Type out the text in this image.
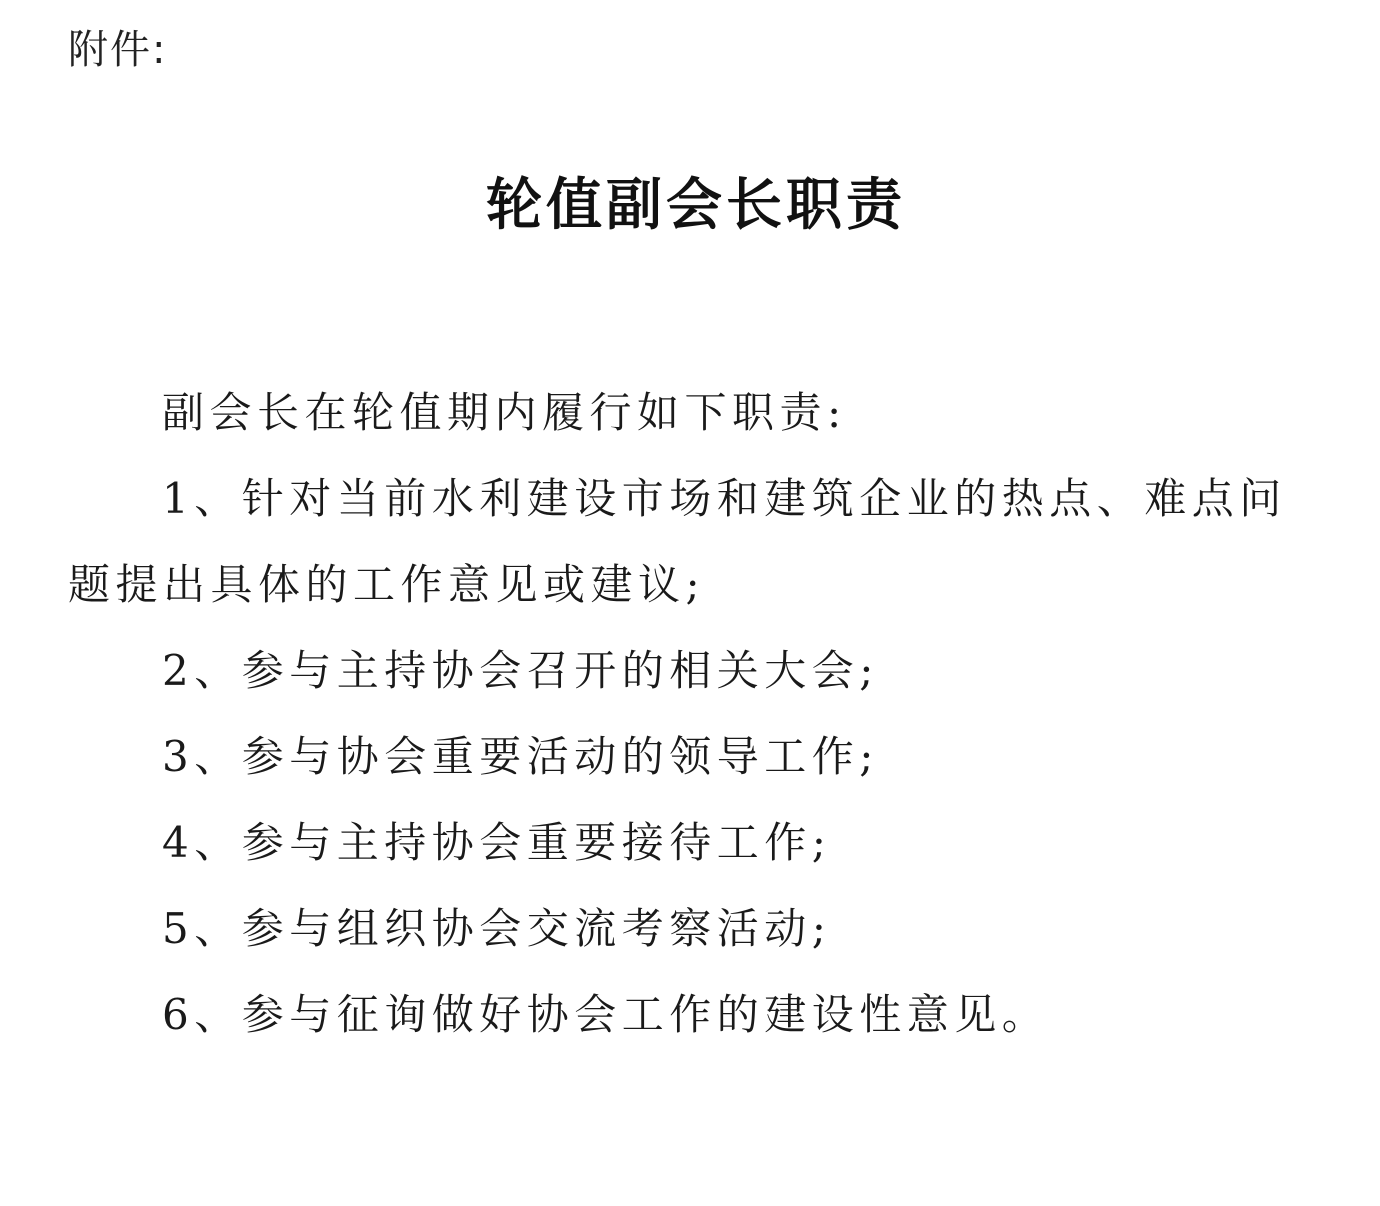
附件:
轮值副会长职责

副会长在轮值期内履行如下职责:

1、针对当前水利建设市场和建筑企业的热点、难点问题提出具体的工作意见或建议;

2、参与主持协会召开的相关大会;

3、参与协会重要活动的领导工作;

4、参与主持协会重要接待工作;

5、参与组织协会交流考察活动;

6、参与征询做好协会工作的建设性意见。
